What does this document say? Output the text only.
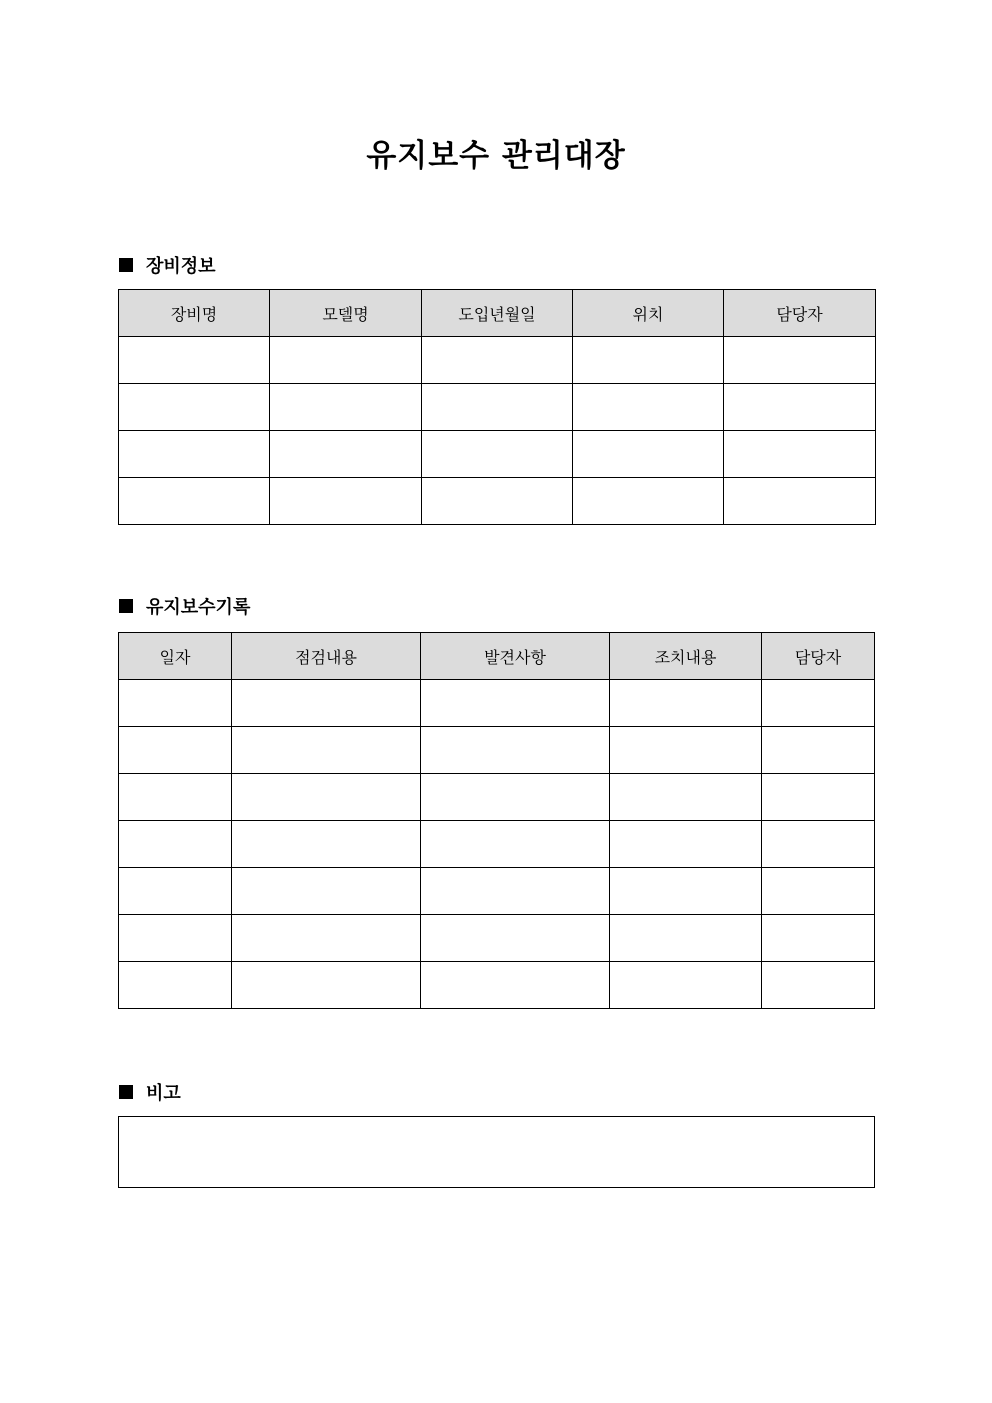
유지보수 관리대장
장비정보
장비명	모델명	도입년월일	위치	담당자

유지보수기록
일자	점검내용	발견사항	조치내용	담당자

비고
